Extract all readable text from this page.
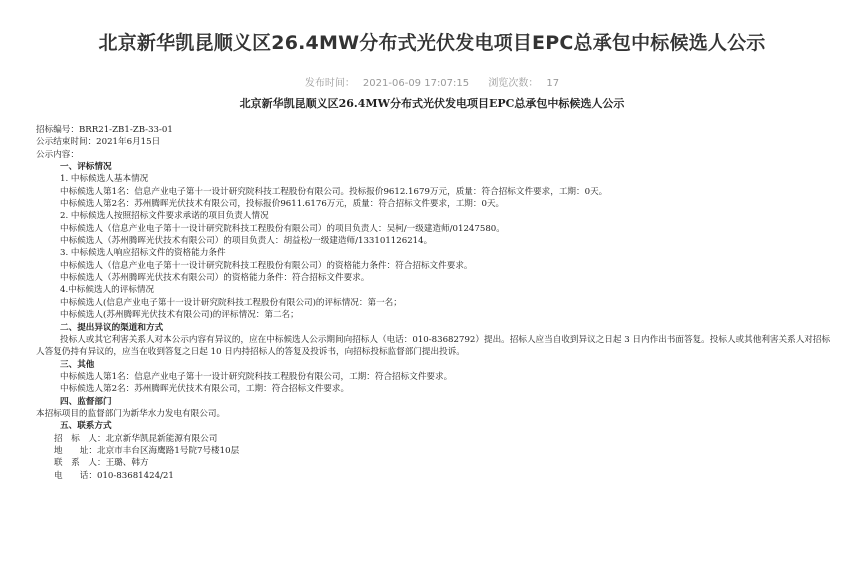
北京新华凯昆顺义区26.4MW分布式光伏发电项目EPC总承包中标候选人公示
发布时间： 2021-06-09 17:07:15 浏览次数： 17
北京新华凯昆顺义区26.4MW分布式光伏发电项目EPC总承包中标候选人公示

招标编号：BRR21-ZB1-ZB-33-01

公示结束时间：2021年6月15日

公示内容：

一、评标情况

1. 中标候选人基本情况

中标候选人第1名：信息产业电子第十一设计研究院科技工程股份有限公司。投标报价9612.1679万元，质量：符合招标文件要求，工期：0天。

中标候选人第2名：苏州腾晖光伏技术有限公司，投标报价9611.6176万元，质量：符合招标文件要求，工期：0天。

2. 中标候选人按照招标文件要求承诺的项目负责人情况

中标候选人（信息产业电子第十一设计研究院科技工程股份有限公司）的项目负责人：吴柯/一级建造师/01247580。

中标候选人（苏州腾晖光伏技术有限公司）的项目负责人：胡益松/一级建造师/133101126214。

3. 中标候选人响应招标文件的资格能力条件

中标候选人（信息产业电子第十一设计研究院科技工程股份有限公司）的资格能力条件：符合招标文件要求。

中标候选人（苏州腾晖光伏技术有限公司）的资格能力条件：符合招标文件要求。

4.中标候选人的评标情况

中标候选人(信息产业电子第十一设计研究院科技工程股份有限公司)的评标情况：第一名；

中标候选人(苏州腾晖光伏技术有限公司)的评标情况：第二名；

二、提出异议的渠道和方式

投标人或其它利害关系人对本公示内容有异议的，应在中标候选人公示期间向招标人（电话：010-83682792）提出。招标人应当自收到异议之日起 3 日内作出书面答复。投标人或其他利害关系人对招标人答复仍持有异议的，应当在收到答复之日起 10 日内持招标人的答复及投诉书，向招标投标监督部门提出投诉。

三、其他

中标候选人第1名：信息产业电子第十一设计研究院科技工程股份有限公司，工期：符合招标文件要求。

中标候选人第2名：苏州腾晖光伏技术有限公司，工期：符合招标文件要求。

四、监督部门

本招标项目的监督部门为新华水力发电有限公司。

五、联系方式

招　标　人：北京新华凯昆新能源有限公司

地　　址：北京市丰台区海鹰路1号院7号楼10层

联　系　人：王璐、韩方

电　　话：010-83681424/21
